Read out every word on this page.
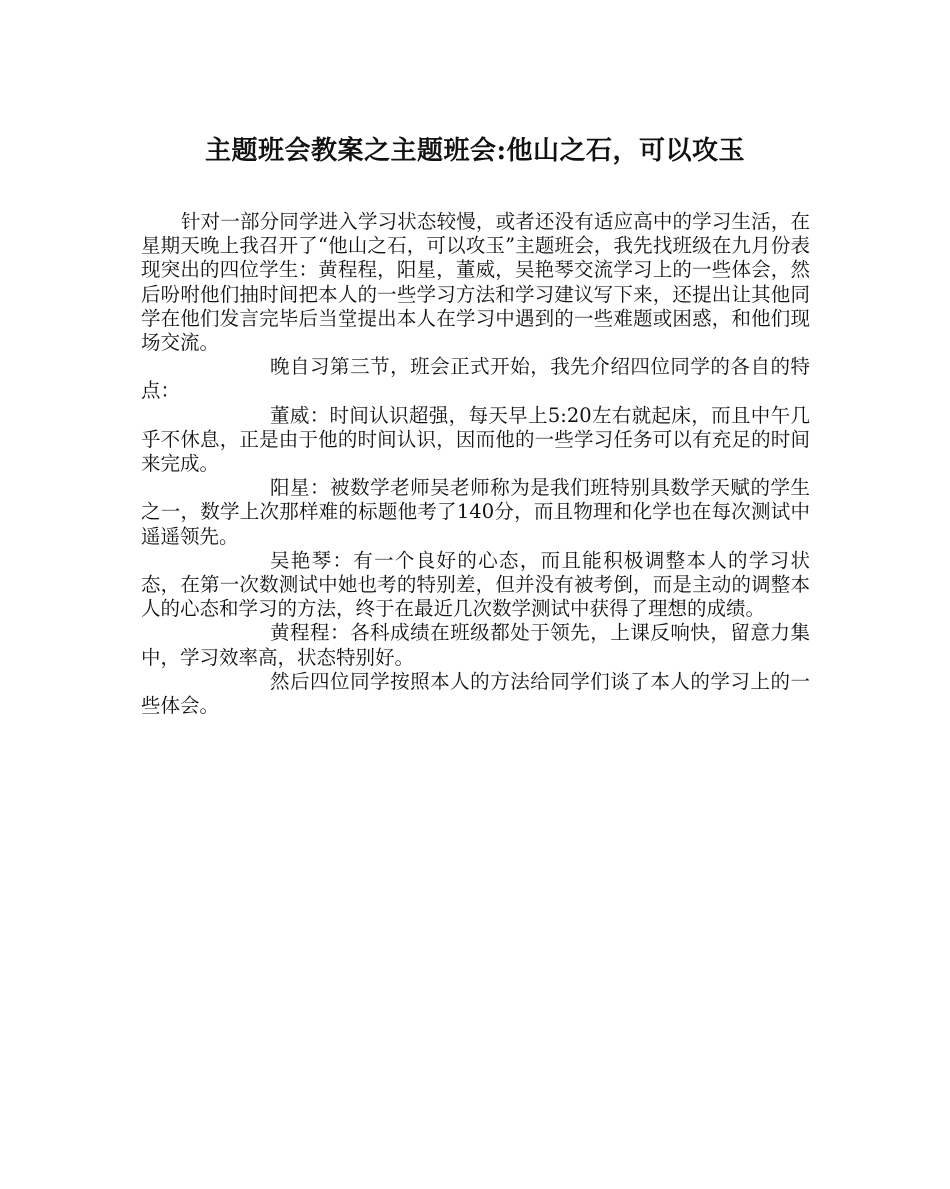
主题班会教案之主题班会:他山之石，可以攻玉

针对一部分同学进入学习状态较慢，或者还没有适应高中的学习生活，在星期天晚上我召开了“他山之石，可以攻玉”主题班会，我先找班级在九月份表现突出的四位学生：黄程程，阳星，董威，吴艳琴交流学习上的一些体会，然后吩咐他们抽时间把本人的一些学习方法和学习建议写下来，还提出让其他同学在他们发言完毕后当堂提出本人在学习中遇到的一些难题或困惑，和他们现场交流。

晚自习第三节，班会正式开始，我先介绍四位同学的各自的特点：

董威：时间认识超强，每天早上5:20左右就起床，而且中午几乎不休息，正是由于他的时间认识，因而他的一些学习任务可以有充足的时间来完成。

阳星：被数学老师吴老师称为是我们班特别具数学天赋的学生之一，数学上次那样难的标题他考了140分，而且物理和化学也在每次测试中遥遥领先。

吴艳琴：有一个良好的心态，而且能积极调整本人的学习状态，在第一次数测试中她也考的特别差，但并没有被考倒，而是主动的调整本人的心态和学习的方法，终于在最近几次数学测试中获得了理想的成绩。

黄程程：各科成绩在班级都处于领先，上课反响快，留意力集中，学习效率高，状态特别好。

然后四位同学按照本人的方法给同学们谈了本人的学习上的一些体会。
